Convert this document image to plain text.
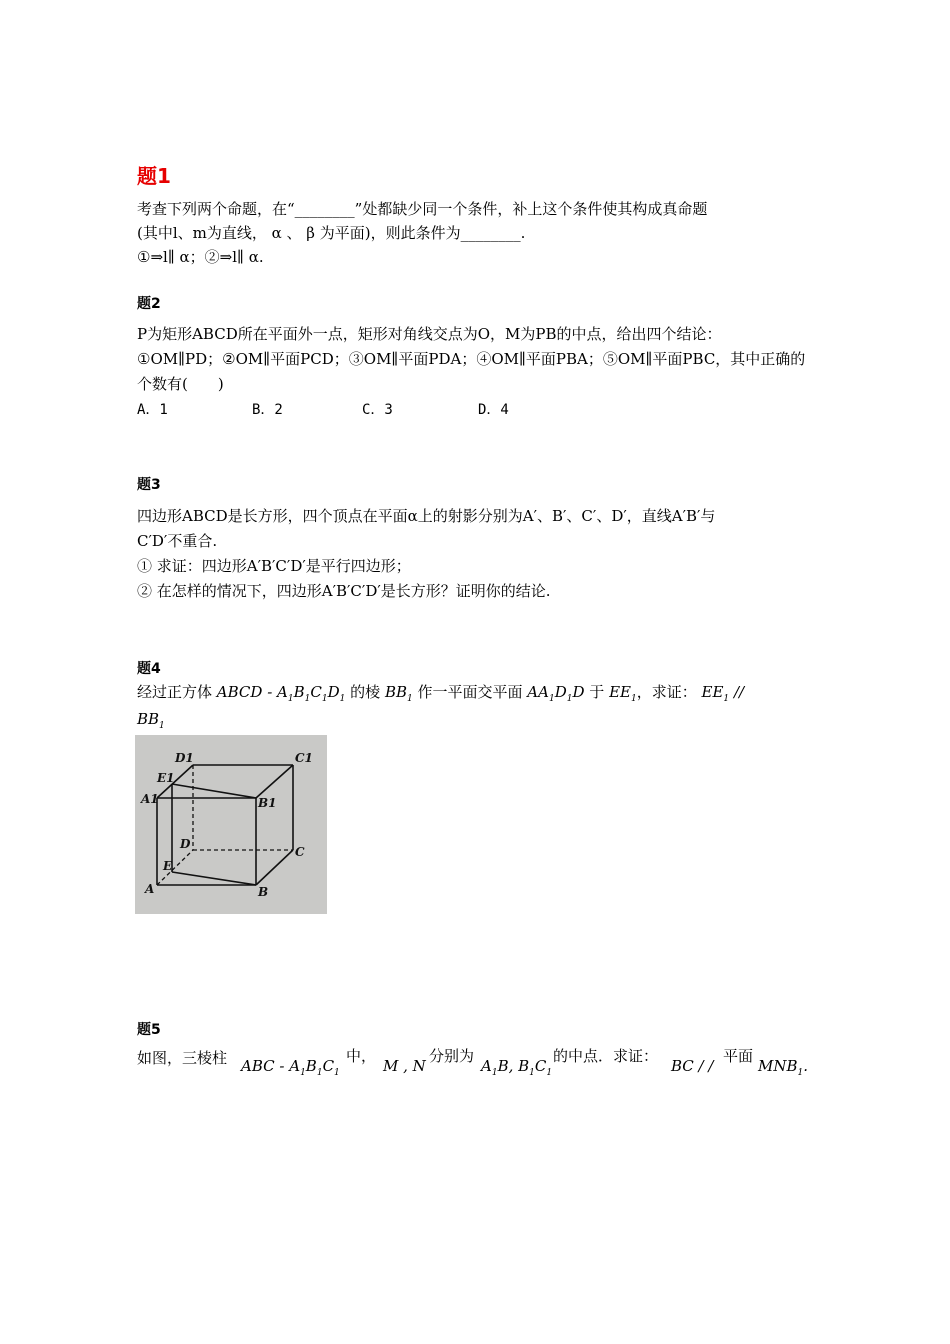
题1
考查下列两个命题，在“________”处都缺少同一个条件，补上这个条件使其构成真命题
(其中l、m为直线， α 、 β 为平面)，则此条件为________.
①⇒l∥ α；②⇒l∥ α.
题2
P为矩形ABCD所在平面外一点，矩形对角线交点为O，M为PB的中点，给出四个结论：
①OM∥PD；②OM∥平面PCD；③OM∥平面PDA；④OM∥平面PBA；⑤OM∥平面PBC，其中正确的
个数有(　　)
A．1	B．2	C．3	D．4
题3
四边形ABCD是长方形，四个顶点在平面α上的射影分别为A′、B′、C′、D′，直线A′B′与
C′D′不重合.
① 求证：四边形A′B′C′D′是平行四边形；
② 在怎样的情况下，四边形A′B′C′D′是长方形？证明你的结论.
题4
经过正方体 ABCD - $A_1B_1C_1D_1$ 的棱 $BB_1$ 作一平面交平面 $AA_1D_1D$ 于 $EE_1$，求证： $EE_1$ //
$BB_1$
D1	C1
E1
A1	B1
D
C
E
A	B
题5
如图，三棱柱 ABC - $A_1B_1C_1$
中，
M , N
分别为
$A_1B$, $B_1C_1$
的中点．求证：
BC / /
平面
$MNB_1$.
